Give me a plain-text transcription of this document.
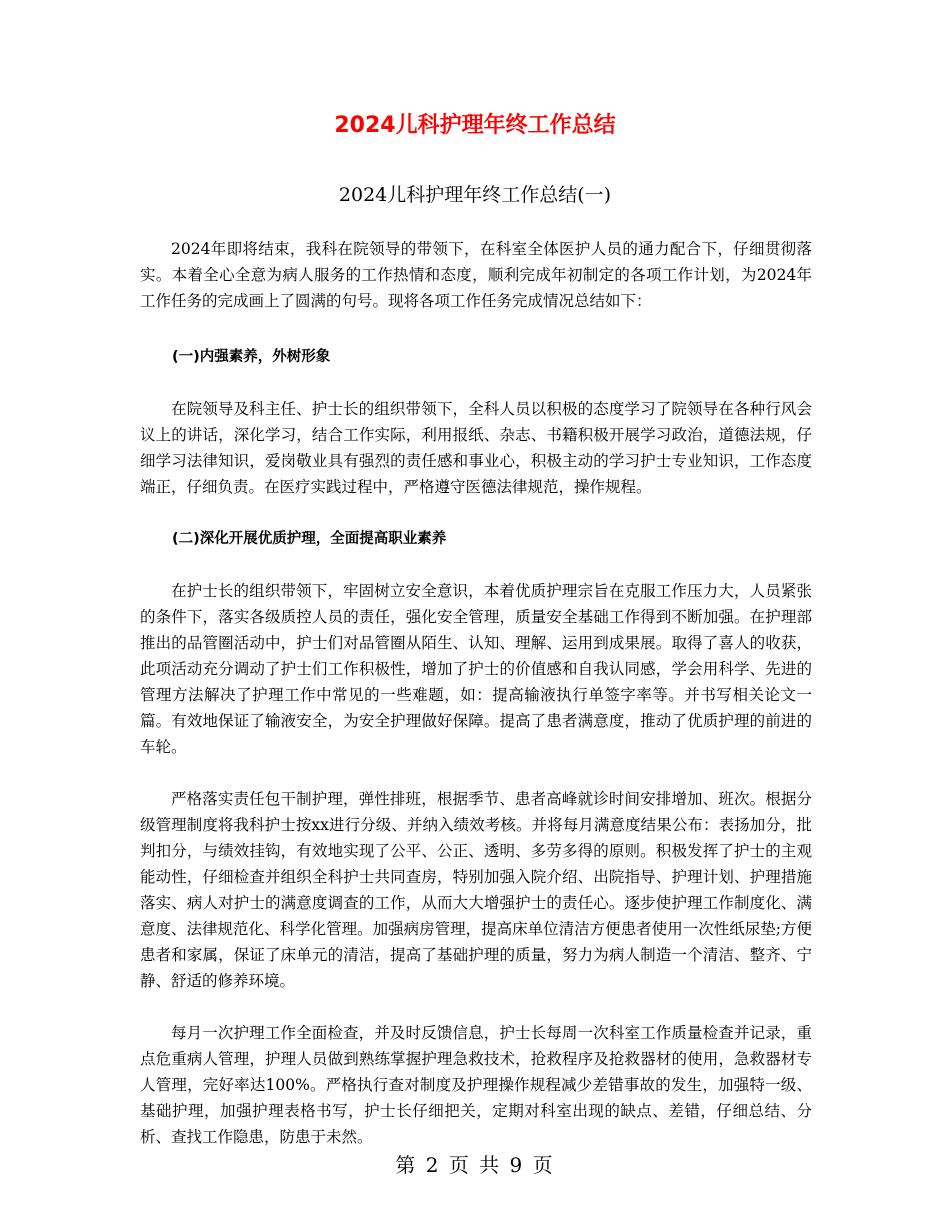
2024儿科护理年终工作总结
2024儿科护理年终工作总结(一)

2024年即将结束，我科在院领导的带领下，在科室全体医护人员的通力配合下，仔细贯彻落实。本着全心全意为病人服务的工作热情和态度，顺利完成年初制定的各项工作计划，为2024年工作任务的完成画上了圆满的句号。现将各项工作任务完成情况总结如下：

(一)内强素养，外树形象

在院领导及科主任、护士长的组织带领下，全科人员以积极的态度学习了院领导在各种行风会议上的讲话，深化学习，结合工作实际，利用报纸、杂志、书籍积极开展学习政治，道德法规，仔细学习法律知识，爱岗敬业具有强烈的责任感和事业心，积极主动的学习护士专业知识，工作态度端正，仔细负责。在医疗实践过程中，严格遵守医德法律规范，操作规程。

(二)深化开展优质护理，全面提高职业素养

在护士长的组织带领下，牢固树立安全意识，本着优质护理宗旨在克服工作压力大，人员紧张的条件下，落实各级质控人员的责任，强化安全管理，质量安全基础工作得到不断加强。在护理部推出的品管圈活动中，护士们对品管圈从陌生、认知、理解、运用到成果展。取得了喜人的收获，此项活动充分调动了护士们工作积极性，增加了护士的价值感和自我认同感，学会用科学、先进的管理方法解决了护理工作中常见的一些难题，如：提高输液执行单签字率等。并书写相关论文一篇。有效地保证了输液安全，为安全护理做好保障。提高了患者满意度，推动了优质护理的前进的车轮。

严格落实责任包干制护理，弹性排班，根据季节、患者高峰就诊时间安排增加、班次。根据分级管理制度将我科护士按xx进行分级、并纳入绩效考核。并将每月满意度结果公布：表扬加分，批判扣分，与绩效挂钩，有效地实现了公平、公正、透明、多劳多得的原则。积极发挥了护士的主观能动性，仔细检查并组织全科护士共同查房，特别加强入院介绍、出院指导、护理计划、护理措施落实、病人对护士的满意度调查的工作，从而大大增强护士的责任心。逐步使护理工作制度化、满意度、法律规范化、科学化管理。加强病房管理，提高床单位清洁方便患者使用一次性纸尿垫;方便患者和家属，保证了床单元的清洁，提高了基础护理的质量，努力为病人制造一个清洁、整齐、宁静、舒适的修养环境。

每月一次护理工作全面检查，并及时反馈信息，护士长每周一次科室工作质量检查并记录，重点危重病人管理，护理人员做到熟练掌握护理急救技术，抢救程序及抢救器材的使用，急救器材专人管理，完好率达100%。严格执行查对制度及护理操作规程减少差错事故的发生，加强特一级、基础护理，加强护理表格书写，护士长仔细把关，定期对科室出现的缺点、差错，仔细总结、分析、查找工作隐患，防患于未然。

第 2 页 共 9 页
